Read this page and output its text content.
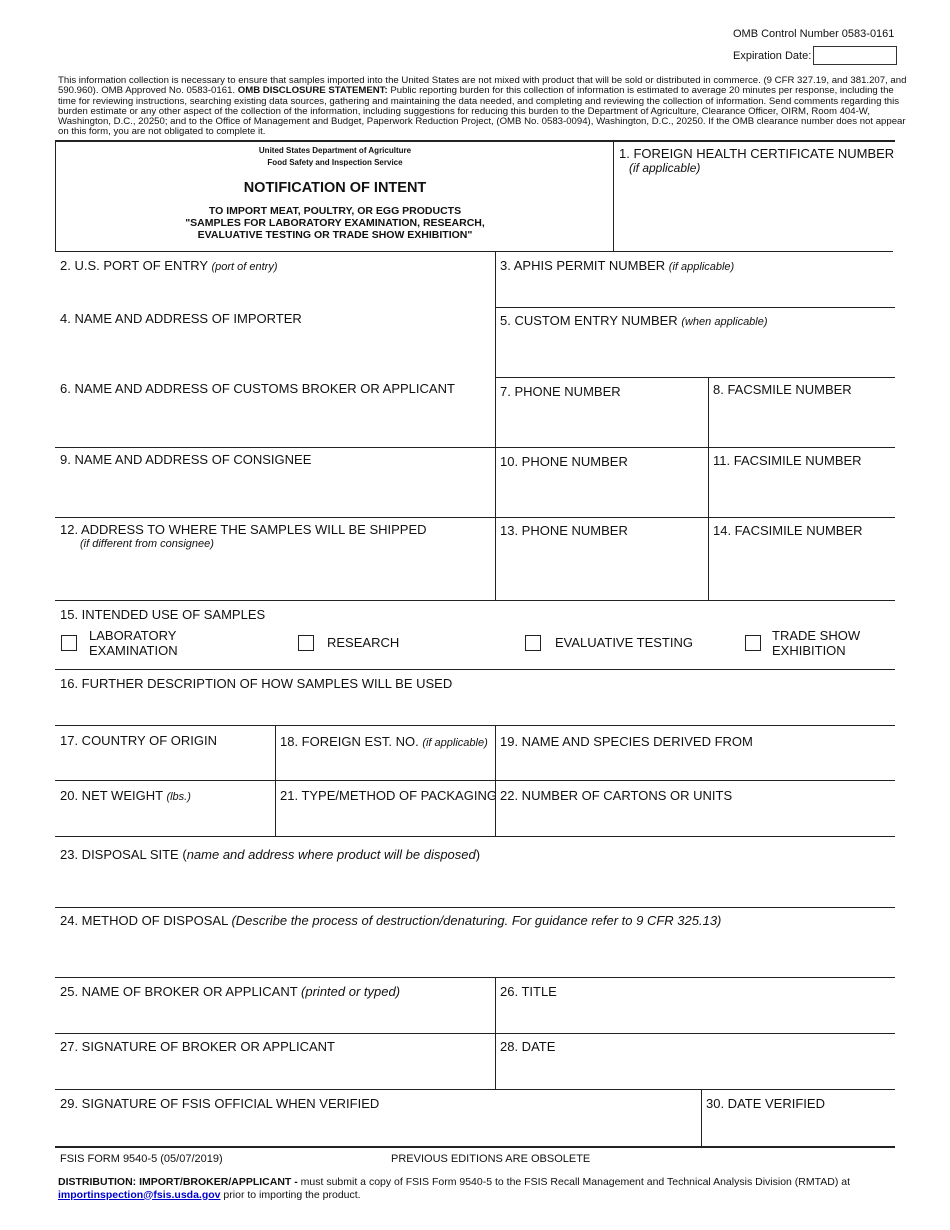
OMB Control Number 0583-0161
Expiration Date:
This information collection is necessary to ensure that samples imported into the United States are not mixed with product that will be sold or distributed in commerce. (9 CFR 327.19, and 381.207, and 590.960). OMB Approved No. 0583-0161. OMB DISCLOSURE STATEMENT: Public reporting burden for this collection of information is estimated to average 20 minutes per response, including the time for reviewing instructions, searching existing data sources, gathering and maintaining the data needed, and completing and reviewing the collection of information. Send comments regarding this burden estimate or any other aspect of the collection of the information, including suggestions for reducing this burden to the Department of Agriculture, Clearance Officer, OIRM, Room 404-W, Washington, D.C., 20250; and to the Office of Management and Budget, Paperwork Reduction Project, (OMB No. 0583-0094), Washington, D.C., 20250. If the OMB clearance number does not appear on this form, you are not obligated to complete it.
United States Department of Agriculture
Food Safety and Inspection Service
NOTIFICATION OF INTENT
TO IMPORT MEAT, POULTRY, OR EGG PRODUCTS
"SAMPLES FOR LABORATORY EXAMINATION, RESEARCH,
EVALUATIVE TESTING OR TRADE SHOW EXHIBITION"
1. FOREIGN HEALTH CERTIFICATE NUMBER
(if applicable)
2. U.S. PORT OF ENTRY (port of entry)	3. APHIS PERMIT NUMBER (if applicable)
4. NAME AND ADDRESS OF IMPORTER	5. CUSTOM ENTRY NUMBER (when applicable)
6. NAME AND ADDRESS OF CUSTOMS BROKER OR APPLICANT	7. PHONE NUMBER	8. FACSMILE NUMBER
9. NAME AND ADDRESS OF CONSIGNEE	10. PHONE NUMBER	11. FACSIMILE NUMBER
12. ADDRESS TO WHERE THE SAMPLES WILL BE SHIPPED
(if different from consignee)
13. PHONE NUMBER	14. FACSIMILE NUMBER
15. INTENDED USE OF SAMPLES
LABORATORY
EXAMINATION
RESEARCH	EVALUATIVE TESTING	TRADE SHOW
EXHIBITION
16. FURTHER DESCRIPTION OF HOW SAMPLES WILL BE USED
17. COUNTRY OF ORIGIN	18. FOREIGN EST. NO. (if applicable) 19. NAME AND SPECIES DERIVED FROM
20. NET WEIGHT (lbs.)	21. TYPE/METHOD OF PACKAGING 22. NUMBER OF CARTONS OR UNITS
23. DISPOSAL SITE (name and address where product will be disposed)
24. METHOD OF DISPOSAL (Describe the process of destruction/denaturing. For guidance refer to 9 CFR 325.13)
25. NAME OF BROKER OR APPLICANT (printed or typed)	26. TITLE
27. SIGNATURE OF BROKER OR APPLICANT	28. DATE
29. SIGNATURE OF FSIS OFFICIAL WHEN VERIFIED	30. DATE VERIFIED
FSIS FORM 9540-5 (05/07/2019)	PREVIOUS EDITIONS ARE OBSOLETE
DISTRIBUTION: IMPORT/BROKER/APPLICANT - must submit a copy of FSIS Form 9540-5 to the FSIS Recall Management and Technical Analysis Division (RMTAD) at
importinspection@fsis.usda.gov prior to importing the product.
